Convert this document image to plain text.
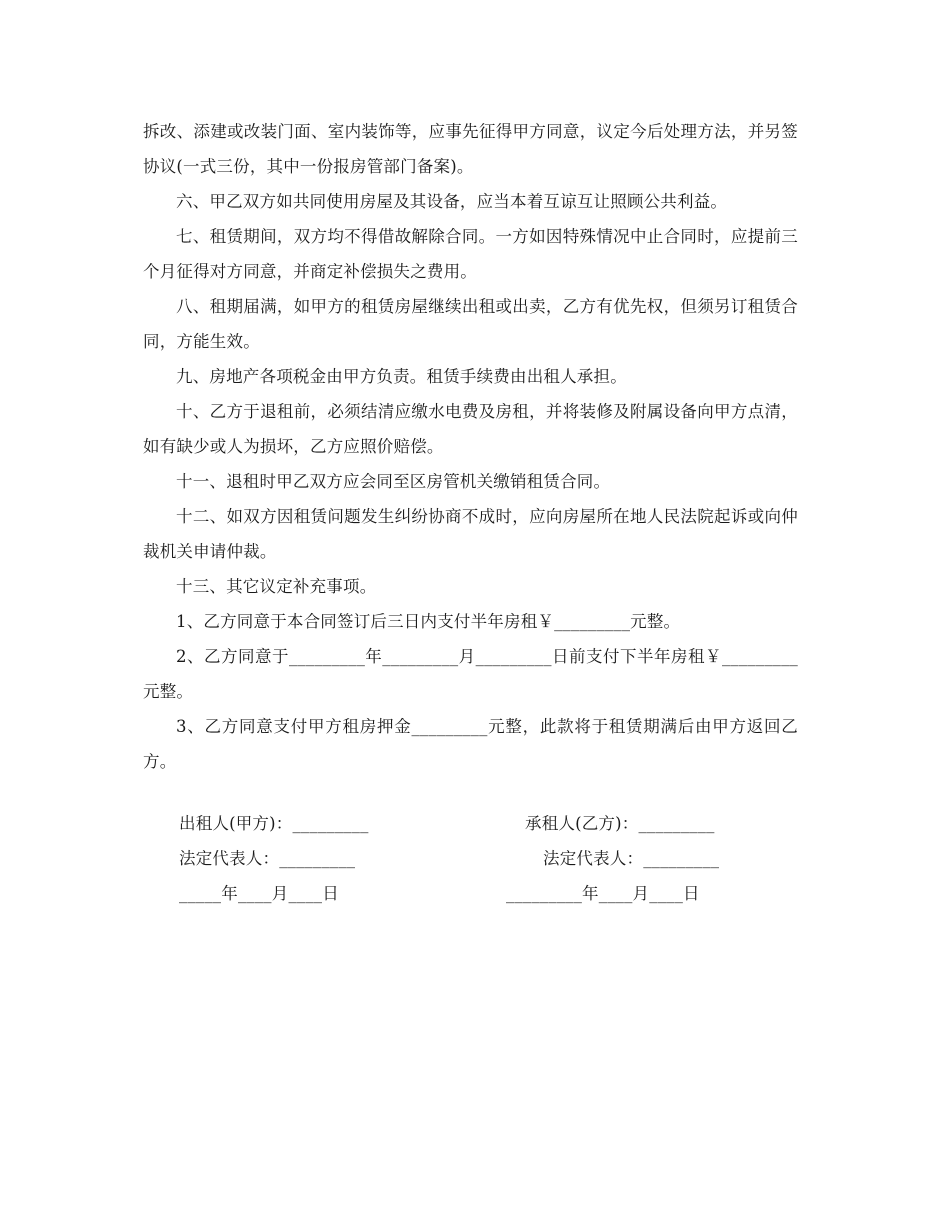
拆改、添建或改装门面、室内装饰等，应事先征得甲方同意，议定今后处理方法，并另签协议(一式三份，其中一份报房管部门备案)。

六、甲乙双方如共同使用房屋及其设备，应当本着互谅互让照顾公共利益。

七、租赁期间，双方均不得借故解除合同。一方如因特殊情况中止合同时，应提前三个月征得对方同意，并商定补偿损失之费用。

八、租期届满，如甲方的租赁房屋继续出租或出卖，乙方有优先权，但须另订租赁合同，方能生效。

九、房地产各项税金由甲方负责。租赁手续费由出租人承担。

十、乙方于退租前，必须结清应缴水电费及房租，并将装修及附属设备向甲方点清，如有缺少或人为损坏，乙方应照价赔偿。

十一、退租时甲乙双方应会同至区房管机关缴销租赁合同。

十二、如双方因租赁问题发生纠纷协商不成时，应向房屋所在地人民法院起诉或向仲裁机关申请仲裁。

十三、其它议定补充事项。

1、乙方同意于本合同签订后三日内支付半年房租￥_________元整。

2、乙方同意于_________年_________月_________日前支付下半年房租￥_________元整。

3、乙方同意支付甲方租房押金_________元整，此款将于租赁期满后由甲方返回乙方。

出租人(甲方)：_________	承租人(乙方)：_________
法定代表人：_________	法定代表人：_________
_____年____月____日	_________年____月____日
